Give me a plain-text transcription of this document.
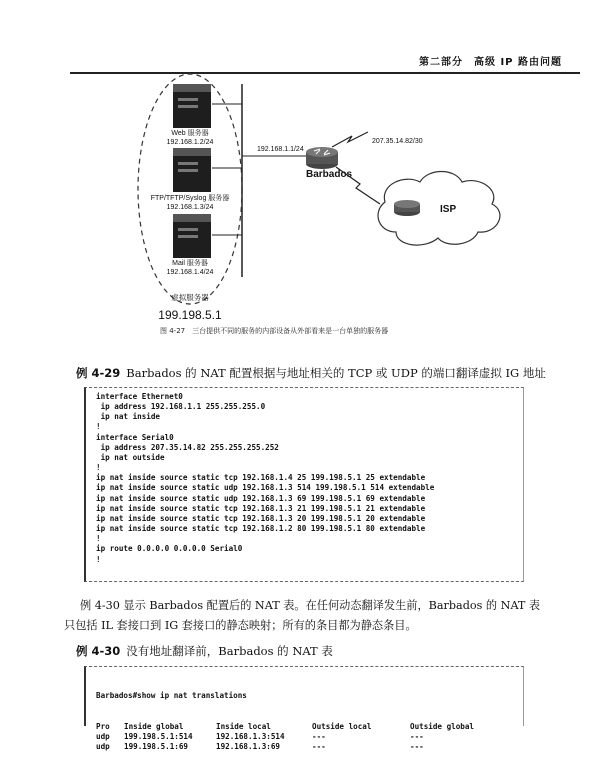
第二部分　高级 IP 路由问题
Web 服务器
192.168.1.2/24
FTP/TFTP/Syslog 服务器
192.168.1.3/24
Mail 服务器
192.168.1.4/24
虚拟服务器
199.198.5.1
192.168.1.1/24
207.35.14.82/30
Barbados
ISP
图 4-27　三台提供不同的服务的内部设备从外部看来是一台单独的服务器
例 4-29 Barbados 的 NAT 配置根据与地址相关的 TCP 或 UDP 的端口翻译虚拟 IG 地址
interface Ethernet0
ip address 192.168.1.1 255.255.255.0
ip nat inside
!
interface Serial0
ip address 207.35.14.82 255.255.255.252
ip nat outside
!
ip nat inside source static tcp 192.168.1.4 25 199.198.5.1 25 extendable
ip nat inside source static udp 192.168.1.3 514 199.198.5.1 514 extendable
ip nat inside source static udp 192.168.1.3 69 199.198.5.1 69 extendable
ip nat inside source static tcp 192.168.1.3 21 199.198.5.1 21 extendable
ip nat inside source static tcp 192.168.1.3 20 199.198.5.1 20 extendable
ip nat inside source static tcp 192.168.1.2 80 199.198.5.1 80 extendable
!
ip route 0.0.0.0 0.0.0.0 Serial0
!

例 4-30 显示 Barbados 配置后的 NAT 表。在任何动态翻译发生前，Barbados 的 NAT 表

只包括 IL 套接口到 IG 套接口的静态映射；所有的条目都为静态条目。

例 4-30 没有地址翻译前，Barbados 的 NAT 表

Barbados#show ip nat translations

Pro	Inside global	Inside local	Outside local	Outside global
udp	199.198.5.1:514	192.168.1.3:514	---	---
udp	199.198.5.1:69	192.168.1.3:69	---	---
